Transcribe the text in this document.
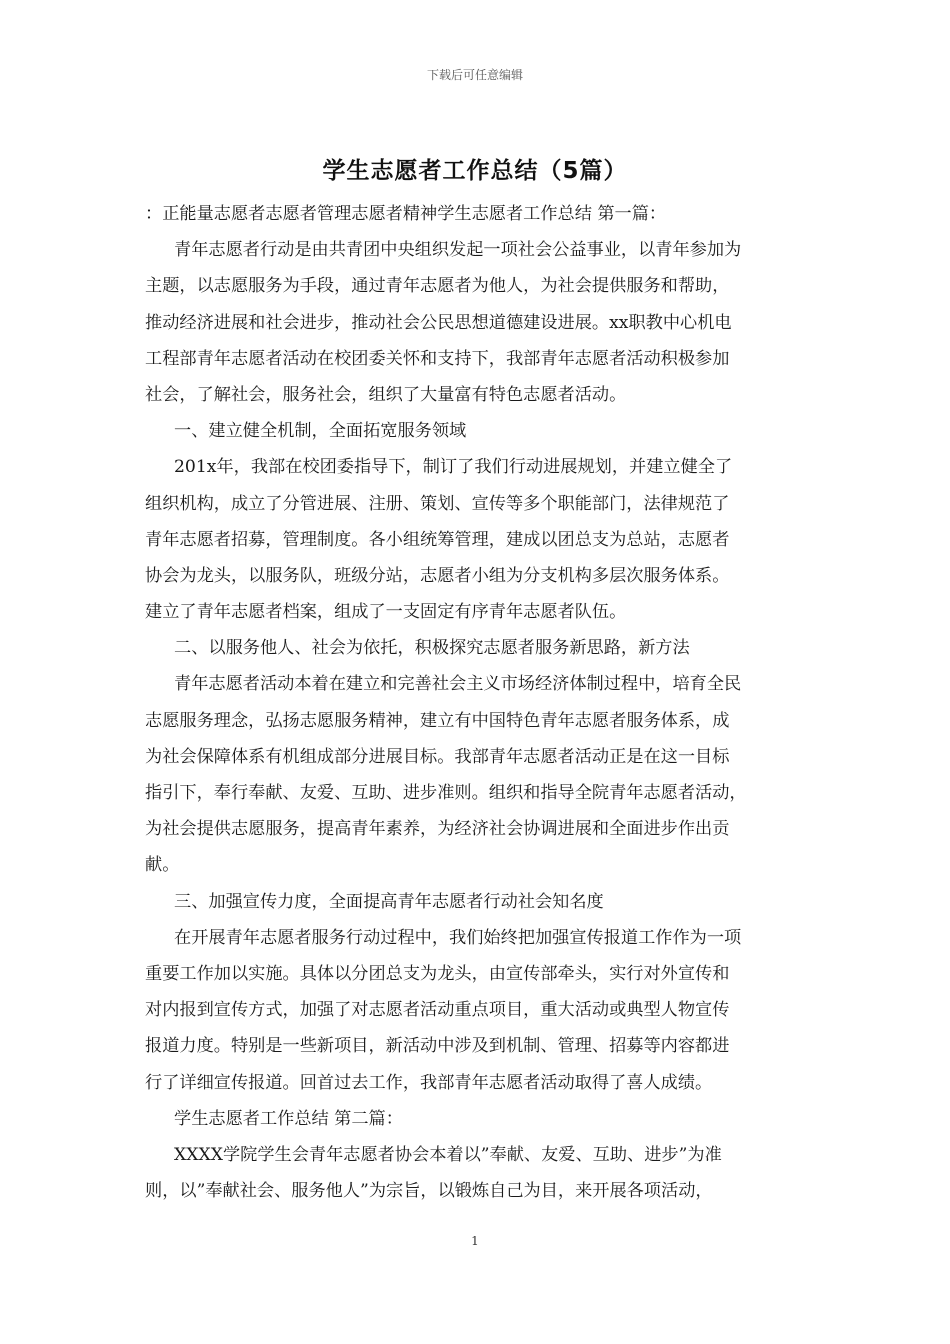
下载后可任意编辑
学生志愿者工作总结（5篇）
：正能量志愿者志愿者管理志愿者精神学生志愿者工作总结 第一篇：
青年志愿者行动是由共青团中央组织发起一项社会公益事业，以青年参加为
主题，以志愿服务为手段，通过青年志愿者为他人，为社会提供服务和帮助，
推动经济进展和社会进步，推动社会公民思想道德建设进展。xx职教中心机电
工程部青年志愿者活动在校团委关怀和支持下，我部青年志愿者活动积极参加
社会，了解社会，服务社会，组织了大量富有特色志愿者活动。
一、建立健全机制，全面拓宽服务领域
201x年，我部在校团委指导下，制订了我们行动进展规划，并建立健全了
组织机构，成立了分管进展、注册、策划、宣传等多个职能部门，法律规范了
青年志愿者招募，管理制度。各小组统筹管理，建成以团总支为总站，志愿者
协会为龙头，以服务队，班级分站，志愿者小组为分支机构多层次服务体系。
建立了青年志愿者档案，组成了一支固定有序青年志愿者队伍。
二、以服务他人、社会为依托，积极探究志愿者服务新思路，新方法
青年志愿者活动本着在建立和完善社会主义市场经济体制过程中，培育全民
志愿服务理念，弘扬志愿服务精神，建立有中国特色青年志愿者服务体系，成
为社会保障体系有机组成部分进展目标。我部青年志愿者活动正是在这一目标
指引下，奉行奉献、友爱、互助、进步准则。组织和指导全院青年志愿者活动，
为社会提供志愿服务，提高青年素养，为经济社会协调进展和全面进步作出贡
献。
三、加强宣传力度，全面提高青年志愿者行动社会知名度
在开展青年志愿者服务行动过程中，我们始终把加强宣传报道工作作为一项
重要工作加以实施。具体以分团总支为龙头，由宣传部牵头，实行对外宣传和
对内报到宣传方式，加强了对志愿者活动重点项目，重大活动或典型人物宣传
报道力度。特别是一些新项目，新活动中涉及到机制、管理、招募等内容都进
行了详细宣传报道。回首过去工作，我部青年志愿者活动取得了喜人成绩。
学生志愿者工作总结 第二篇：
XXXX学院学生会青年志愿者协会本着以”奉献、友爱、互助、进步”为准
则，以”奉献社会、服务他人”为宗旨，以锻炼自己为目，来开展各项活动，
1
